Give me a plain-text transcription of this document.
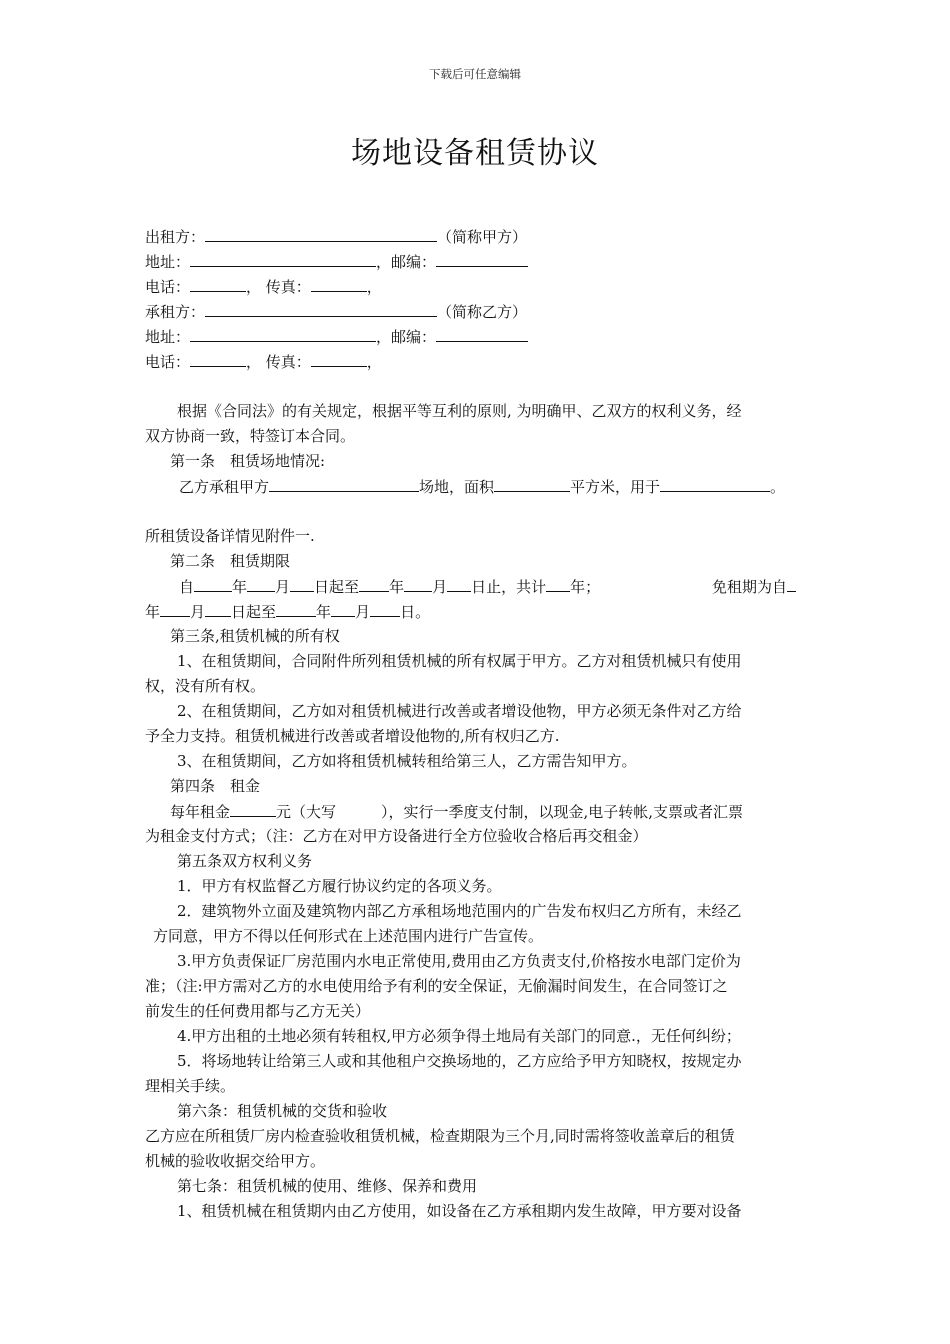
下载后可任意编辑
场地设备租赁协议
出租方：	（简称甲方）
地址：	，邮编：
电话：	， 传真：	，
承租方：	（简称乙方）
地址：	，邮编：
电话：	， 传真：	，
根据《合同法》的有关规定，根据平等互利的原则, 为明确甲、乙双方的权利义务，经
双方协商一致，特签订本合同。
第一条　租赁场地情况:
乙方承租甲方	场地，面积	平方米，用于	。
所租赁设备详情见附件一.
第二条　租赁期限
自	年 月 日起至 年 月 日止，共计 年；	免租期为自
年 月 日起至	年 月 日。
第三条,租赁机械的所有权
1、在租赁期间，合同附件所列租赁机械的所有权属于甲方。乙方对租赁机械只有使用
权，没有所有权。
2、在租赁期间，乙方如对租赁机械进行改善或者增设他物，甲方必须无条件对乙方给
予全力支持。租赁机械进行改善或者增设他物的,所有权归乙方.
3、在租赁期间，乙方如将租赁机械转租给第三人，乙方需告知甲方。
第四条　租金
每年租金	元（大写　　　），实行一季度支付制，以现金,电子转帐,支票或者汇票
为租金支付方式；（注：乙方在对甲方设备进行全方位验收合格后再交租金）
第五条双方权利义务
1．甲方有权监督乙方履行协议约定的各项义务。
2．建筑物外立面及建筑物内部乙方承租场地范围内的广告发布权归乙方所有，未经乙
方同意，甲方不得以任何形式在上述范围内进行广告宣传。
3.甲方负责保证厂房范围内水电正常使用,费用由乙方负责支付,价格按水电部门定价为
准；（注:甲方需对乙方的水电使用给予有利的安全保证，无偷漏时间发生，在合同签订之
前发生的任何费用都与乙方无关）
4.甲方出租的土地必须有转租权,甲方必须争得土地局有关部门的同意.，无任何纠纷；
5．将场地转让给第三人或和其他租户交换场地的，乙方应给予甲方知晓权，按规定办
理相关手续。
第六条：租赁机械的交货和验收
乙方应在所租赁厂房内检查验收租赁机械，检查期限为三个月,同时需将签收盖章后的租赁
机械的验收收据交给甲方。
第七条：租赁机械的使用、维修、保养和费用
1、租赁机械在租赁期内由乙方使用，如设备在乙方承租期内发生故障，甲方要对设备
